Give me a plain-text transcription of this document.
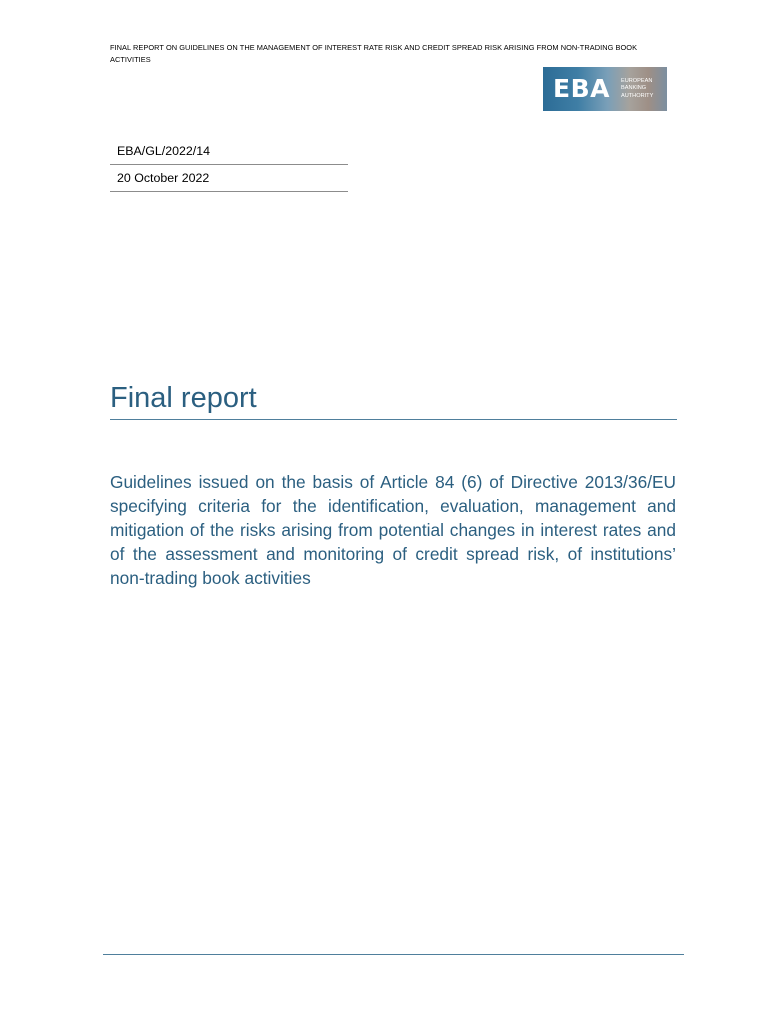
FINAL REPORT ON GUIDELINES ON THE MANAGEMENT OF INTEREST RATE RISK AND CREDIT SPREAD RISK ARISING FROM NON-TRADING BOOK ACTIVITIES
EBA EUROPEAN
BANKING
AUTHORITY
EBA/GL/2022/14
20 October 2022
Final report
Guidelines issued on the basis of Article 84 (6) of Directive 2013/36/EU specifying criteria for the identification, evaluation, management and mitigation of the risks arising from potential changes in interest rates and of the assessment and monitoring of credit spread risk, of institutions’ non-trading book activities
